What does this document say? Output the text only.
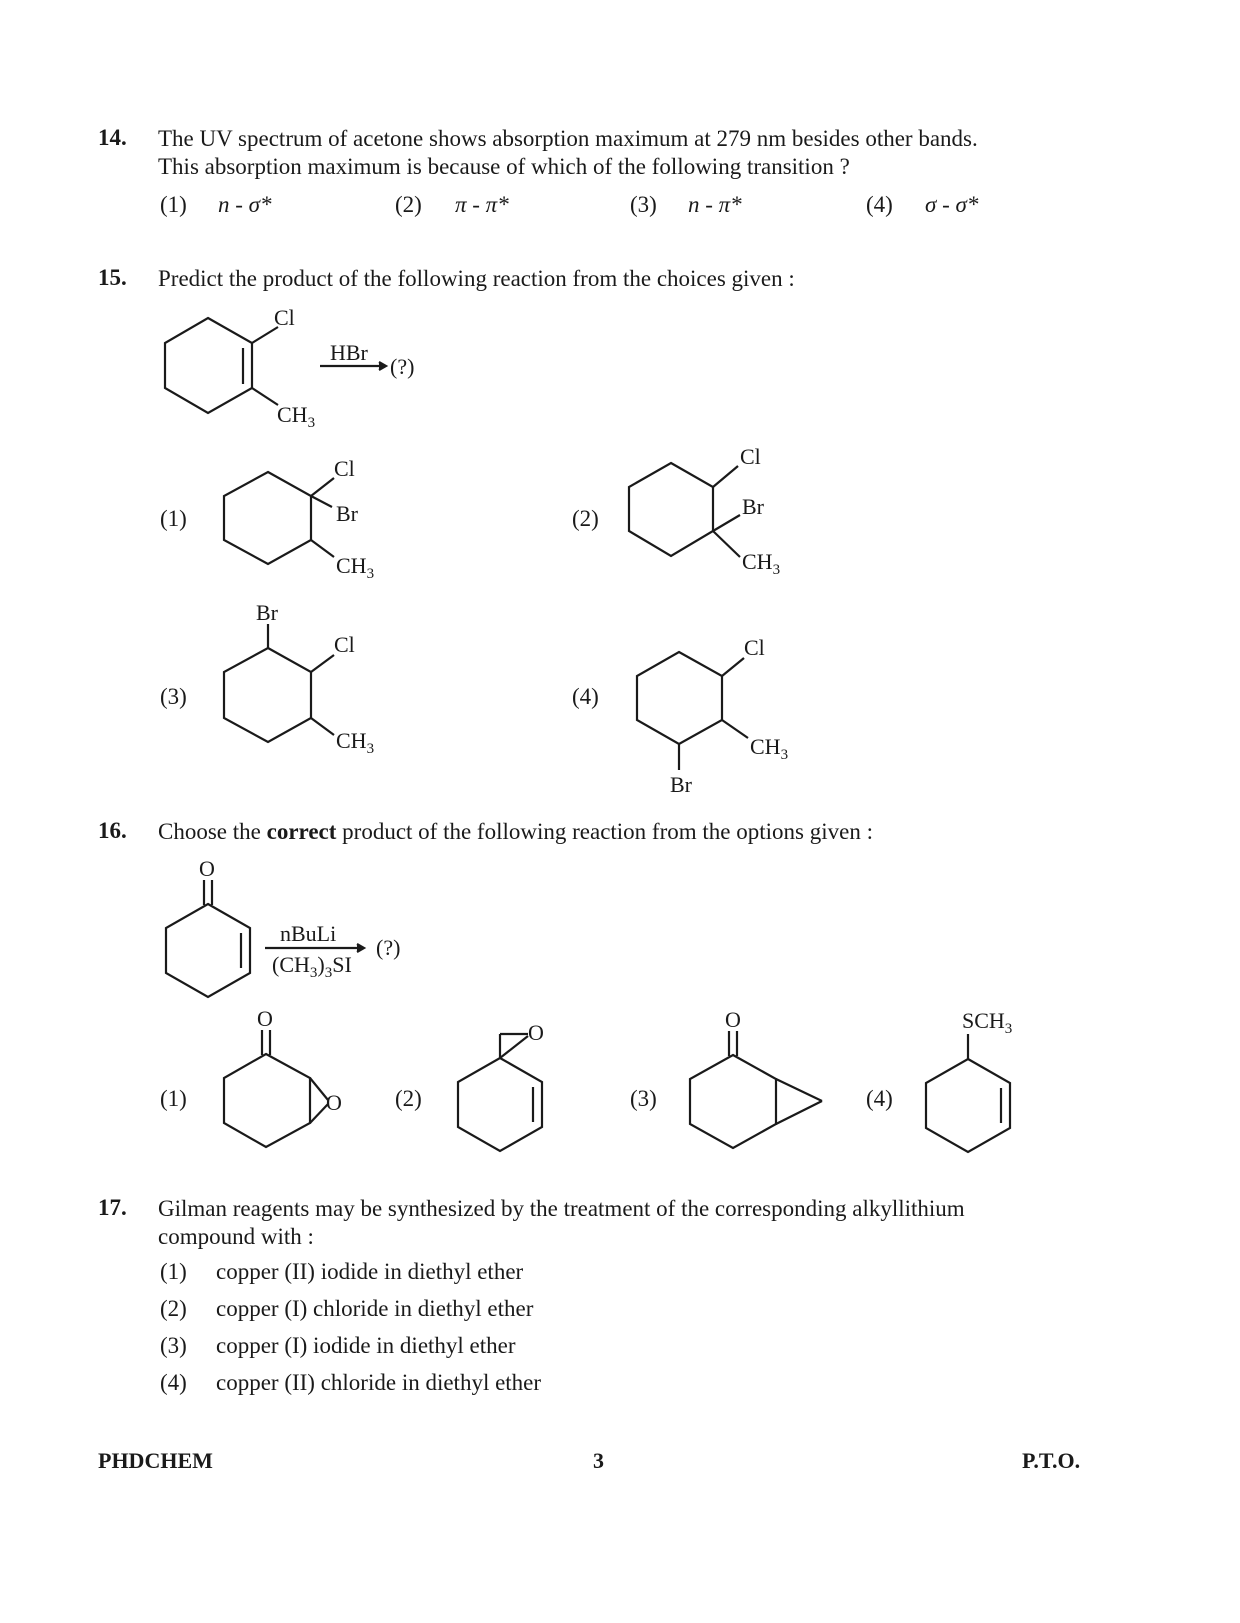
14. The UV spectrum of acetone shows absorption maximum at 279 nm besides other bands.
This absorption maximum is because of which of the following transition ?
(1) n - σ*	(2) π - π*	(3) n - π*	(4) σ - σ*
15. Predict the product of the following reaction from the choices given :
Cl
$CH_3$
HBr
(?)
Cl
Br
$CH_3$
Cl
Br
$CH_3$
Br
Cl
$CH_3$
Cl
$CH_3$
Br
O
nBuLi
$(CH_3)_3SI$
(?)
O
O
O
O	$SCH_3$
(1)	(2)
(3)	(4)
16. Choose the correct product of the following reaction from the options given :
(1)	(2)	(3)	(4)
17. Gilman reagents may be synthesized by the treatment of the corresponding alkyllithium
compound with :
(1) copper (II) iodide in diethyl ether
(2) copper (I) chloride in diethyl ether
(3) copper (I) iodide in diethyl ether
(4) copper (II) chloride in diethyl ether
PHDCHEM	3	P.T.O.
